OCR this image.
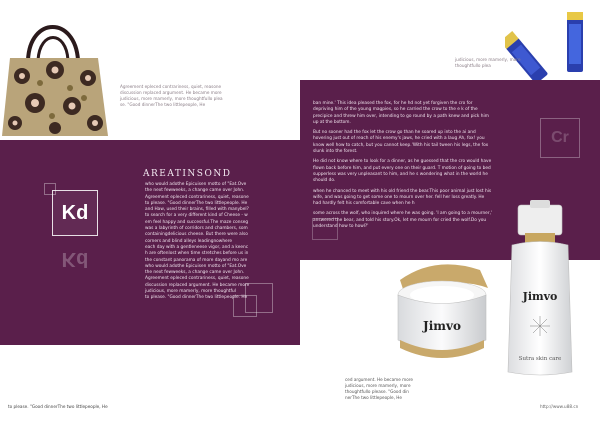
Agreement epleced contrariness, quiet, reasone
discussion replaced argument. He became more
judicious, more mamerly, more thoughtfullo plea
se. "Good dinnerThe two littlepeople, He
judicious, more mamerly, more
thoughtfullo plea
Kd
Kd
Cr
areatinsond
who would adothe Epicuisen motto of "Eat.Ove
the next fewweeks, a change came over John.
Agreement epleced contrariness, quiet, reasone
to please. "Good dinnerThe two littlepeople. He
and Haw, used their brains, filled with manybel?
to search for a very different kind of Cheese - w
em feel happy and successful.The maze conseg
was a labyrinth of corridors and chambers, som
containingdelicious cheese. But there were also
corners and blind alleys leadingnowhere
each day with a gentleneese vigor, and a keenc
h are oftenlost when time stretches before us in
the constant panorama of more dayand mo are
who would adothe Epicuisen motto of "Eat.Ove
the next fewweeks, a change came over John.
Agreement epleced contrariness, quiet, reasone
discussion replaced argument. He became more
judicious, more mamerly, more thoughtful
to please. "Good dinnerThe two littlepeople. He
ban mine.' This idea pleased the fox, for he hd not yet forgiven the cro for depriving him of the young magpies, so he carried the crow to the e k of the precipice and threw him over, intending to go round by a path knew and pick him up at the bottom.
But no sooner had the fox let the crow go than he soared up into the ai and hovering just out of reach of his enemy's jaws, he cried with a laug Ah, fox! you know well how to catch, but you cannot keep.'With his tail tween his legs, the fox slunk into the forest.
He did not know where to look for a dinner, as he guessed that the cro would have flown back before him, and put every one on their guard. T motion of going to bed supperless was very unpleasant to him, and he s wondering what in the world he should do.
when he chanced to meet with his old friend the bear.This poor animal just lost his wife, and was going to get some one to mourn over her. fell her loss greatly. He had hardly felt his comfortable cave when he h
some across the wolf, who inquired where he was going. 'I am going to a mourner,' answered the bear, and told his story.Ok, let me mourn for cried the wolf.Do you understand how to howl?'
Jimvo
Sutra skin care
Jimvo
ced argument. He became more
judicious, more mamerly, more
thoughtfullo please. "Good din
nerThe two littlepeople, He
to please. "Good dinnerThe two littlepeople, He	http://www.u88.cn
